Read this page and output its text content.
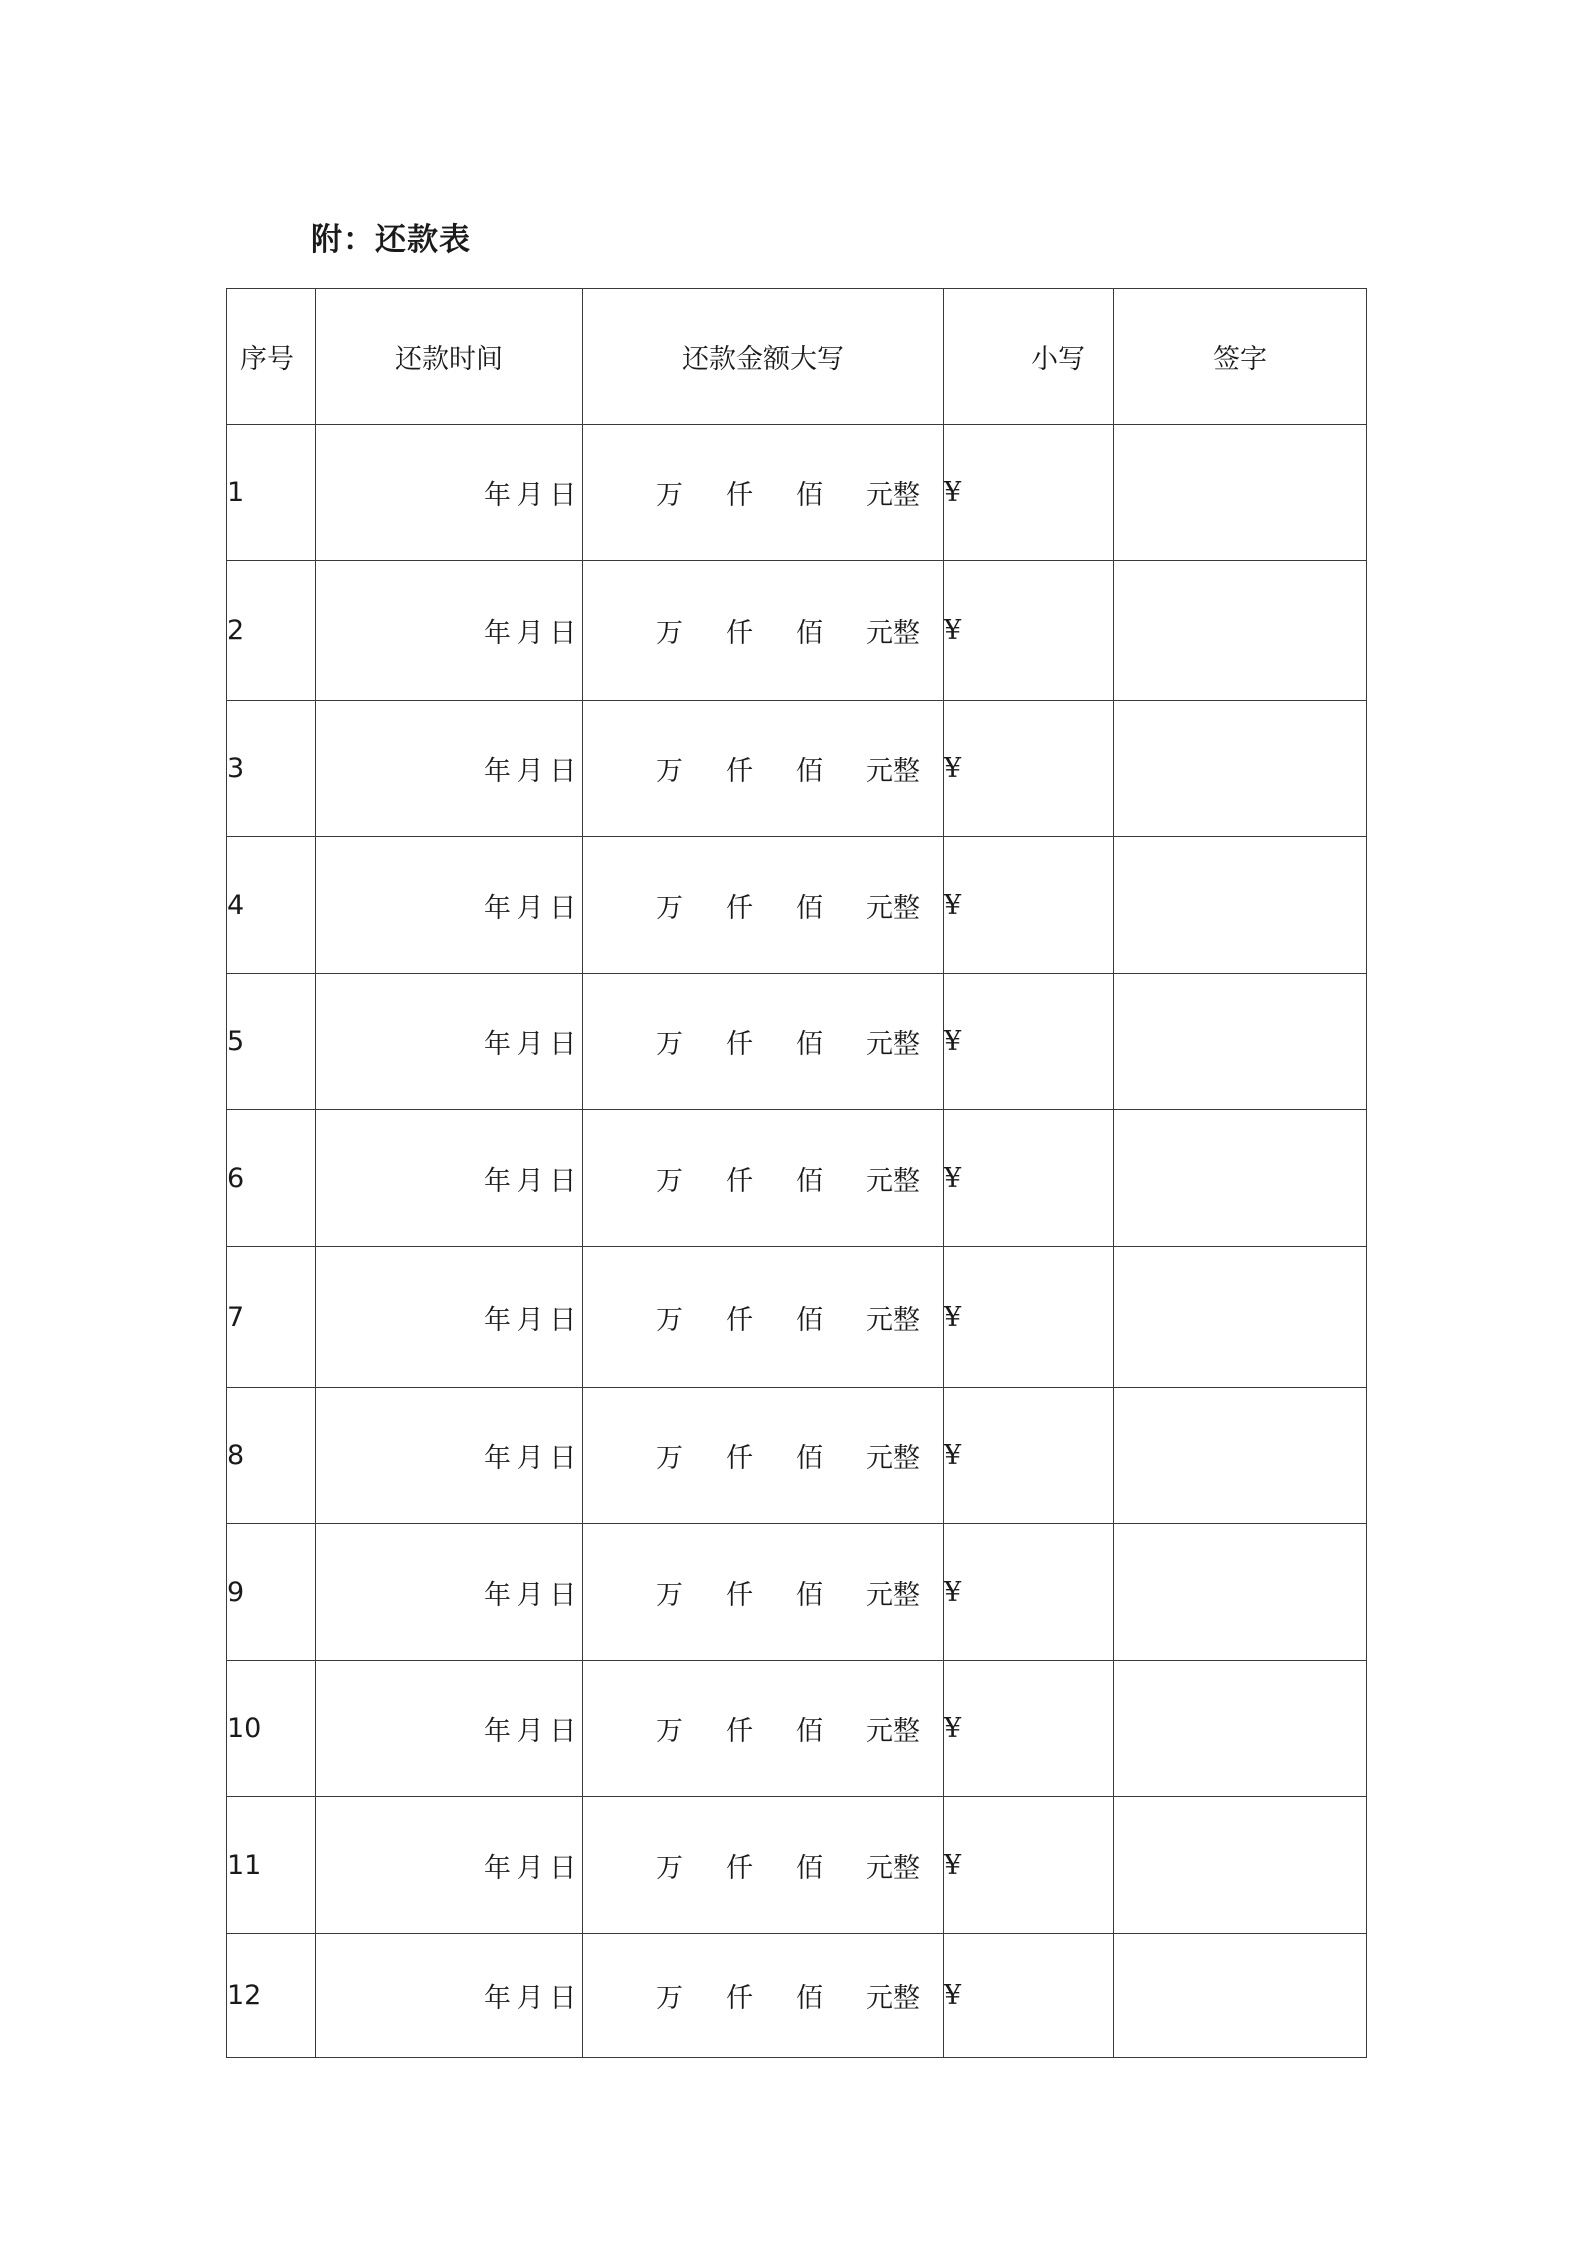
附：还款表
序号	还款时间	还款金额大写	小写	签字
1	年 月 日	万 仟 佰 元整	¥	
2	年 月 日	万 仟 佰 元整	¥	
3	年 月 日	万 仟 佰 元整	¥	
4	年 月 日	万 仟 佰 元整	¥	
5	年 月 日	万 仟 佰 元整	¥	
6	年 月 日	万 仟 佰 元整	¥	
7	年 月 日	万 仟 佰 元整	¥	
8	年 月 日	万 仟 佰 元整	¥	
9	年 月 日	万 仟 佰 元整	¥	
10	年 月 日	万 仟 佰 元整	¥	
11	年 月 日	万 仟 佰 元整	¥	
12	年 月 日	万 仟 佰 元整	¥	
